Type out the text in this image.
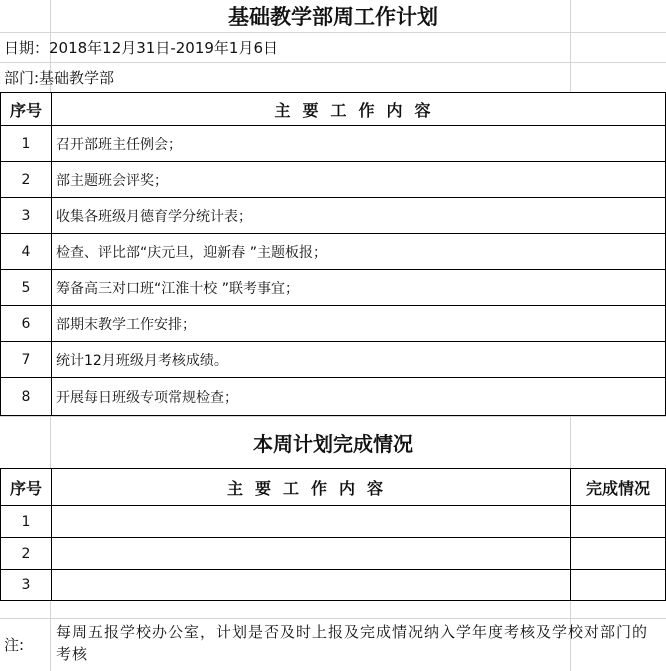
基础教学部周工作计划
日期：2018年12月31日-2019年1月6日
部门:基础教学部
序号	主要工作内容
1	召开部班主任例会；
2	部主题班会评奖；
3	收集各班级月德育学分统计表；
4	检查、评比部“庆元旦，迎新春 ”主题板报；
5	筹备高三对口班“江淮十校 ”联考事宜；
6	部期末教学工作安排；
7	统计12月班级月考核成绩。
8	开展每日班级专项常规检查；
本周计划完成情况
序号	主要工作内容	完成情况
1
2
3
注:
每周五报学校办公室，计划是否及时上报及完成情况纳入学年度考核及学校对部门的考核
